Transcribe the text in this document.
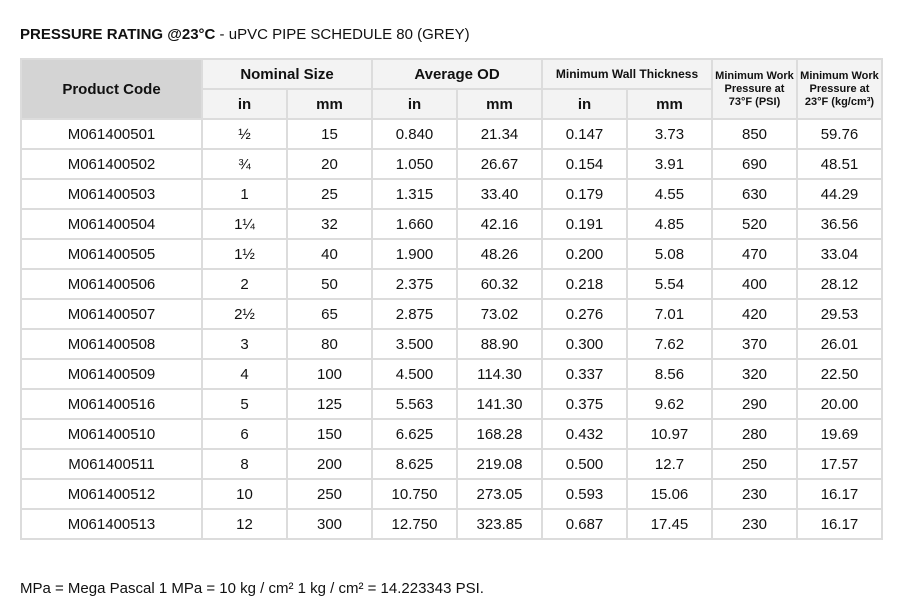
PRESSURE RATING @23°C - uPVC PIPE SCHEDULE 80 (GREY)
Product Code	Nominal Size		Average OD		Minimum Wall Thickness		Minimum Work Pressure at 73°F (PSI)	Minimum Work Pressure at 23°F (kg/cm³)
	in	mm	in	mm	in	mm		
M061400501	½	15	0.840	21.34	0.147	3.73	850	59.76
M061400502	¾	20	1.050	26.67	0.154	3.91	690	48.51
M061400503	1	25	1.315	33.40	0.179	4.55	630	44.29
M061400504	1¼	32	1.660	42.16	0.191	4.85	520	36.56
M061400505	1½	40	1.900	48.26	0.200	5.08	470	33.04
M061400506	2	50	2.375	60.32	0.218	5.54	400	28.12
M061400507	2½	65	2.875	73.02	0.276	7.01	420	29.53
M061400508	3	80	3.500	88.90	0.300	7.62	370	26.01
M061400509	4	100	4.500	114.30	0.337	8.56	320	22.50
M061400516	5	125	5.563	141.30	0.375	9.62	290	20.00
M061400510	6	150	6.625	168.28	0.432	10.97	280	19.69
M061400511	8	200	8.625	219.08	0.500	12.7	250	17.57
M061400512	10	250	10.750	273.05	0.593	15.06	230	16.17
M061400513	12	300	12.750	323.85	0.687	17.45	230	16.17
MPa = Mega Pascal 1 MPa = 10 kg / cm² 1 kg / cm² = 14.223343 PSI.
